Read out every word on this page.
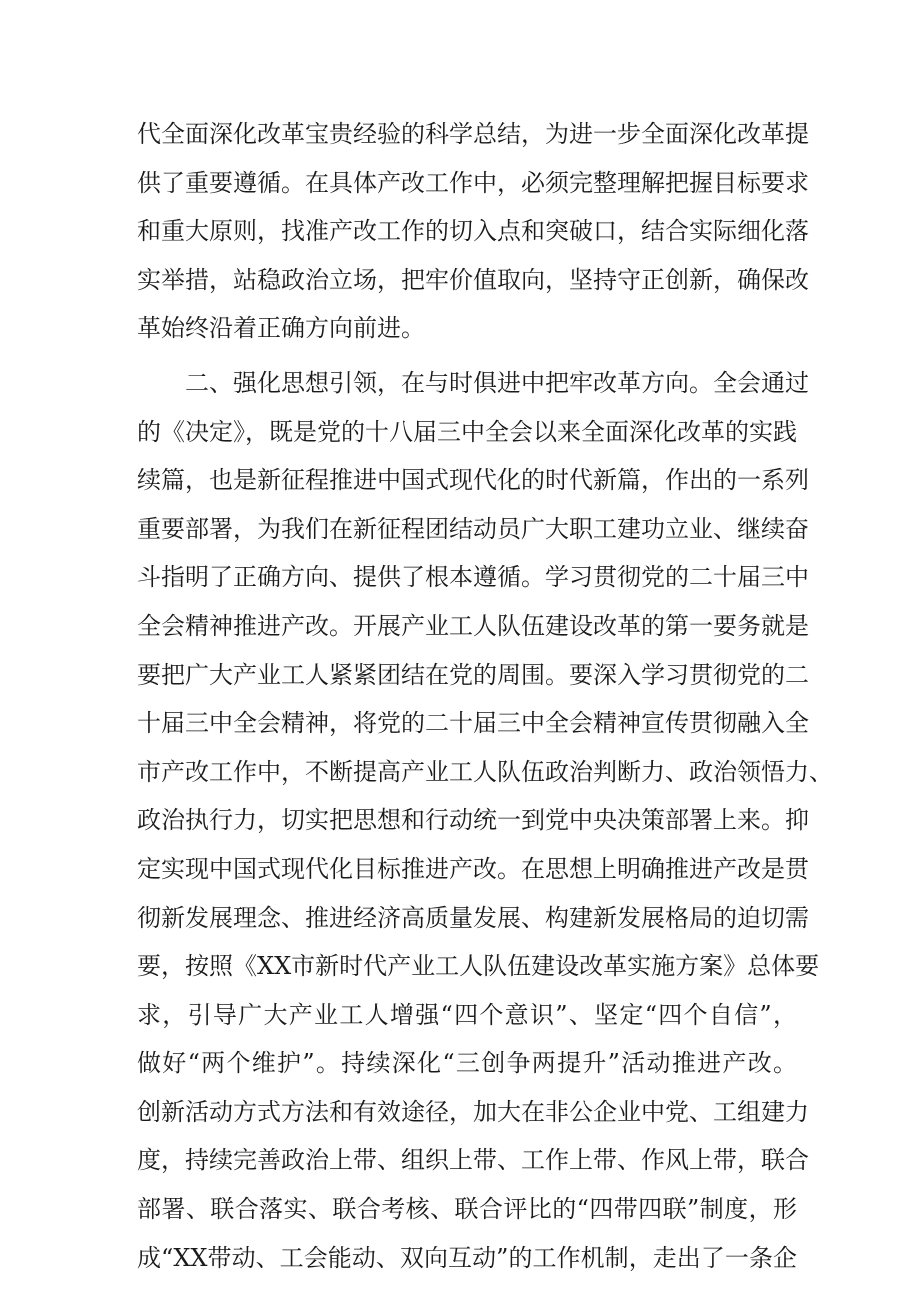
代全面深化改革宝贵经验的科学总结，为进一步全面深化改革提
供了重要遵循。在具体产改工作中，必须完整理解把握目标要求
和重大原则，找准产改工作的切入点和突破口，结合实际细化落
实举措，站稳政治立场，把牢价值取向，坚持守正创新，确保改
革始终沿着正确方向前进。
二、强化思想引领，在与时俱进中把牢改革方向。全会通过
的《决定》，既是党的十八届三中全会以来全面深化改革的实践
续篇，也是新征程推进中国式现代化的时代新篇，作出的一系列
重要部署，为我们在新征程团结动员广大职工建功立业、继续奋
斗指明了正确方向、提供了根本遵循。学习贯彻党的二十届三中
全会精神推进产改。开展产业工人队伍建设改革的第一要务就是
要把广大产业工人紧紧团结在党的周围。要深入学习贯彻党的二
十届三中全会精神，将党的二十届三中全会精神宣传贯彻融入全
市产改工作中，不断提高产业工人队伍政治判断力、政治领悟力、
政治执行力，切实把思想和行动统一到党中央决策部署上来。抑
定实现中国式现代化目标推进产改。在思想上明确推进产改是贯
彻新发展理念、推进经济高质量发展、构建新发展格局的迫切需
要，按照《XX市新时代产业工人队伍建设改革实施方案》总体要
求，引导广大产业工人增强“四个意识”、坚定“四个自信”，
做好“两个维护”。持续深化“三创争两提升”活动推进产改。
创新活动方式方法和有效途径，加大在非公企业中党、工组建力
度，持续完善政治上带、组织上带、工作上带、作风上带，联合
部署、联合落实、联合考核、联合评比的“四带四联”制度，形
成“XX带动、工会能动、双向互动”的工作机制，走出了一条企
